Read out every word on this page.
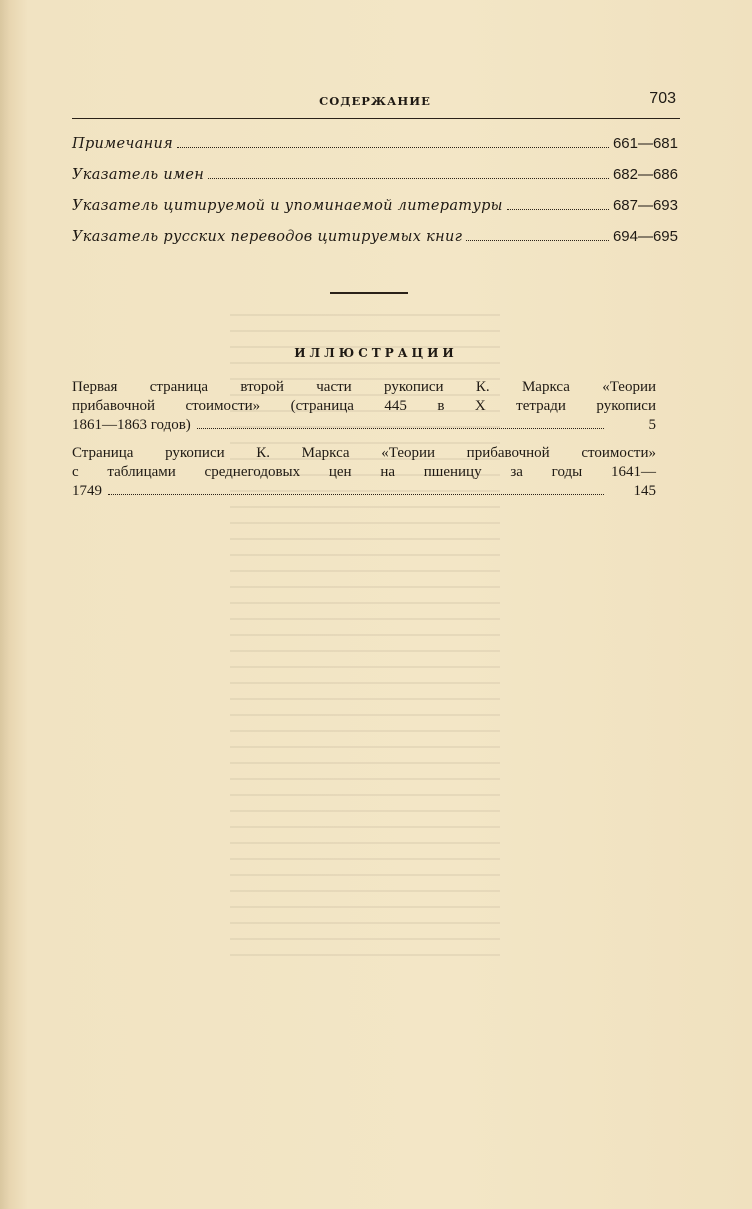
СОДЕРЖАНИЕ	703
Примечания	661—681
Указатель имен	682—686
Указатель цитируемой и упоминаемой литературы	687—693
Указатель русских переводов цитируемых книг	694—695
ИЛЛЮСТРАЦИИ
Первая страница второй части рукописи К. Маркса «Теории
прибавочной стоимости» (страница 445 в X тетради рукописи
1861—1863 годов)	5
Страница рукописи К. Маркса «Теории прибавочной стоимости»
с таблицами среднегодовых цен на пшеницу за годы 1641—
1749	145
